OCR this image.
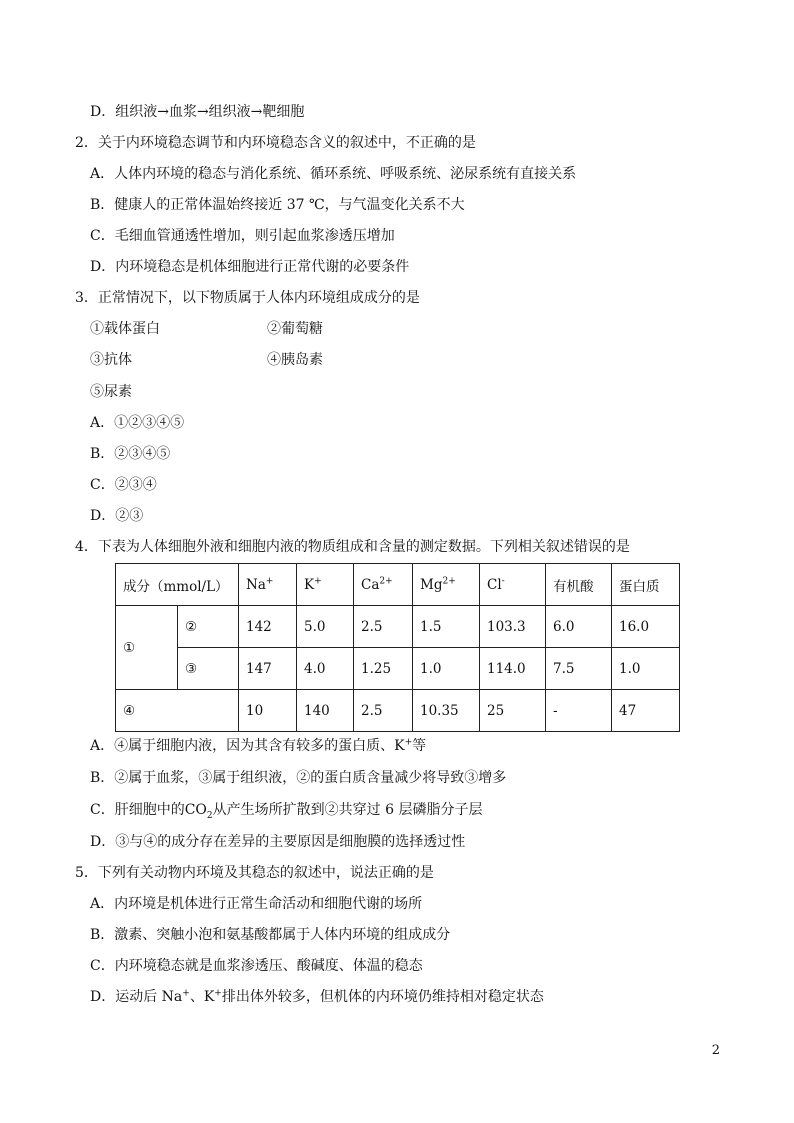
D．组织液→血浆→组织液→靶细胞
2．关于内环境稳态调节和内环境稳态含义的叙述中，不正确的是
A．人体内环境的稳态与消化系统、循环系统、呼吸系统、泌尿系统有直接关系
B．健康人的正常体温始终接近 37 ℃，与气温变化关系不大
C．毛细血管通透性增加，则引起血浆渗透压增加
D．内环境稳态是机体细胞进行正常代谢的必要条件
3．正常情况下，以下物质属于人体内环境组成成分的是
①载体蛋白	②葡萄糖
③抗体	④胰岛素
⑤尿素
A．①②③④⑤
B．②③④⑤
C．②③④
D．②③
4．下表为人体细胞外液和细胞内液的物质组成和含量的测定数据。下列相关叙述错误的是
成分（mmol/L）		Na+	K+	$Ca^{2+}$	$Mg^{2+}$	Cl-	有机酸	蛋白质
①	②	142	5.0	2.5	1.5	103.3	6.0	16.0
	③	147	4.0	1.25	1.0	114.0	7.5	1.0
④		10	140	2.5	10.35	25	-	47
A．④属于细胞内液，因为其含有较多的蛋白质、K+等
B．②属于血浆，③属于组织液，②的蛋白质含量减少将导致③增多
C．肝细胞中的$CO_2$从产生场所扩散到②共穿过 6 层磷脂分子层
D．③与④的成分存在差异的主要原因是细胞膜的选择透过性
5．下列有关动物内环境及其稳态的叙述中，说法正确的是
A．内环境是机体进行正常生命活动和细胞代谢的场所
B．激素、突触小泡和氨基酸都属于人体内环境的组成成分
C．内环境稳态就是血浆渗透压、酸碱度、体温的稳态
D．运动后 Na+、K+排出体外较多，但机体的内环境仍维持相对稳定状态
2
